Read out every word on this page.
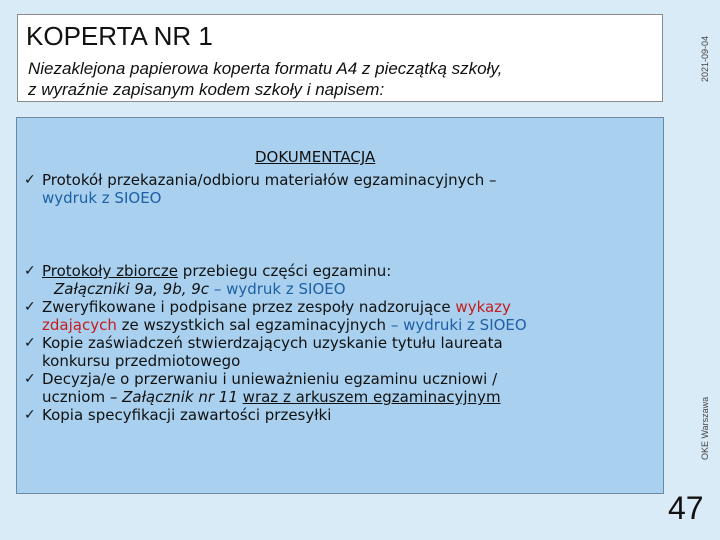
KOPERTA NR 1
Niezaklejona papierowa koperta formatu A4 z pieczątką szkoły,
z wyraźnie zapisanym kodem szkoły i napisem:
DOKUMENTACJA
✓ Protokół przekazania/odbioru materiałów egzaminacyjnych –
wydruk z SIOEO
✓ Protokoły zbiorcze przebiegu części egzaminu:
Załączniki 9a, 9b, 9c – wydruk z SIOEO
✓ Zweryfikowane i podpisane przez zespoły nadzorujące wykazy
zdających ze wszystkich sal egzaminacyjnych – wydruki z SIOEO
✓ Kopie zaświadczeń stwierdzających uzyskanie tytułu laureata
konkursu przedmiotowego
✓ Decyzja/e o przerwaniu i unieważnieniu egzaminu uczniowi /
uczniom – Załącznik nr 11 wraz z arkuszem egzaminacyjnym
✓ Kopia specyfikacji zawartości przesyłki
2021-09-04
OKE Warszawa
47
